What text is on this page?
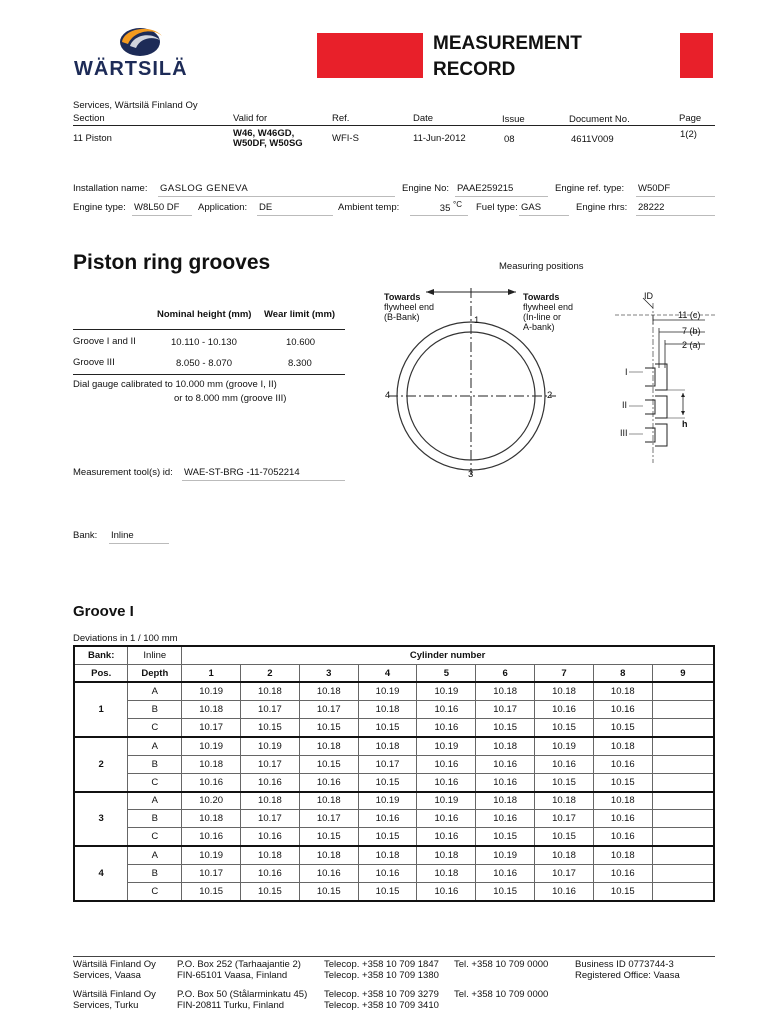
WÄRTSILÄ
MEASUREMENT
RECORD
Services, Wärtsilä Finland Oy
Section	Valid for	Ref.	Date	Issue	Document No.	Page
11 Piston	W46, W46GD,
W50DF, W50SG	WFI-S	11-Jun-2012	08	4611V009	1(2)
Installation name: GASLOG GENEVA	Engine No: PAAE259215	Engine ref. type: W50DF
Engine type: W8L50 DF	Application: DE	Ambient temp:	35 $^{^\circ C}$	Fuel type: GAS	Engine rhrs: 28222
Piston ring grooves	Measuring positions
Nominal height (mm) Wear limit (mm)
Groove I and II	10.110 - 10.130	10.600
Groove III	8.050 - 8.070	8.300
Dial gauge calibrated to 10.000 mm (groove I, II)
or to 8.000 mm (groove III)
Measurement tool(s) id: WAE-ST-BRG -11-7052214
Bank: Inline
Towards
flywheel end
(B-Bank)
Towards
flywheel end
(In-line or
A-bank)
1
2
3
4
ID
11 (c)
7 (b)
2 (a)
I
II
III
h
Groove I
Deviations in 1 / 100 mm
Bank:	Inline	Cylinder number								
Pos.	Depth	1	2	3	4	5	6	7	8	9
1	A	10.19	10.18	10.18	10.19	10.19	10.18	10.18	10.18	
	B	10.18	10.17	10.17	10.18	10.16	10.17	10.16	10.16	
	C	10.17	10.15	10.15	10.15	10.16	10.15	10.15	10.15	
2	A	10.19	10.19	10.18	10.18	10.19	10.18	10.19	10.18	
	B	10.18	10.17	10.15	10.17	10.16	10.16	10.16	10.16	
	C	10.16	10.16	10.16	10.15	10.16	10.16	10.15	10.15	
3	A	10.20	10.18	10.18	10.19	10.19	10.18	10.18	10.18	
	B	10.18	10.17	10.17	10.16	10.16	10.16	10.17	10.16	
	C	10.16	10.16	10.15	10.15	10.16	10.15	10.15	10.16	
4	A	10.19	10.18	10.18	10.18	10.18	10.19	10.18	10.18	
	B	10.17	10.16	10.16	10.16	10.18	10.16	10.17	10.16	
	C	10.15	10.15	10.15	10.15	10.16	10.15	10.16	10.15	
Wärtsilä Finland Oy P.O. Box 252 (Tarhaajantie 2) Telecop. +358 10 709 1847 Tel. +358 10 709 0000	Business ID 0773744-3
Services, Vaasa	FIN-65101 Vaasa, Finland	Telecop. +358 10 709 1380	Registered Office: Vaasa
Wärtsilä Finland Oy P.O. Box 50 (Stålarminkatu 45) Telecop. +358 10 709 3279 Tel. +358 10 709 0000
Services, Turku	FIN-20811 Turku, Finland	Telecop. +358 10 709 3410
